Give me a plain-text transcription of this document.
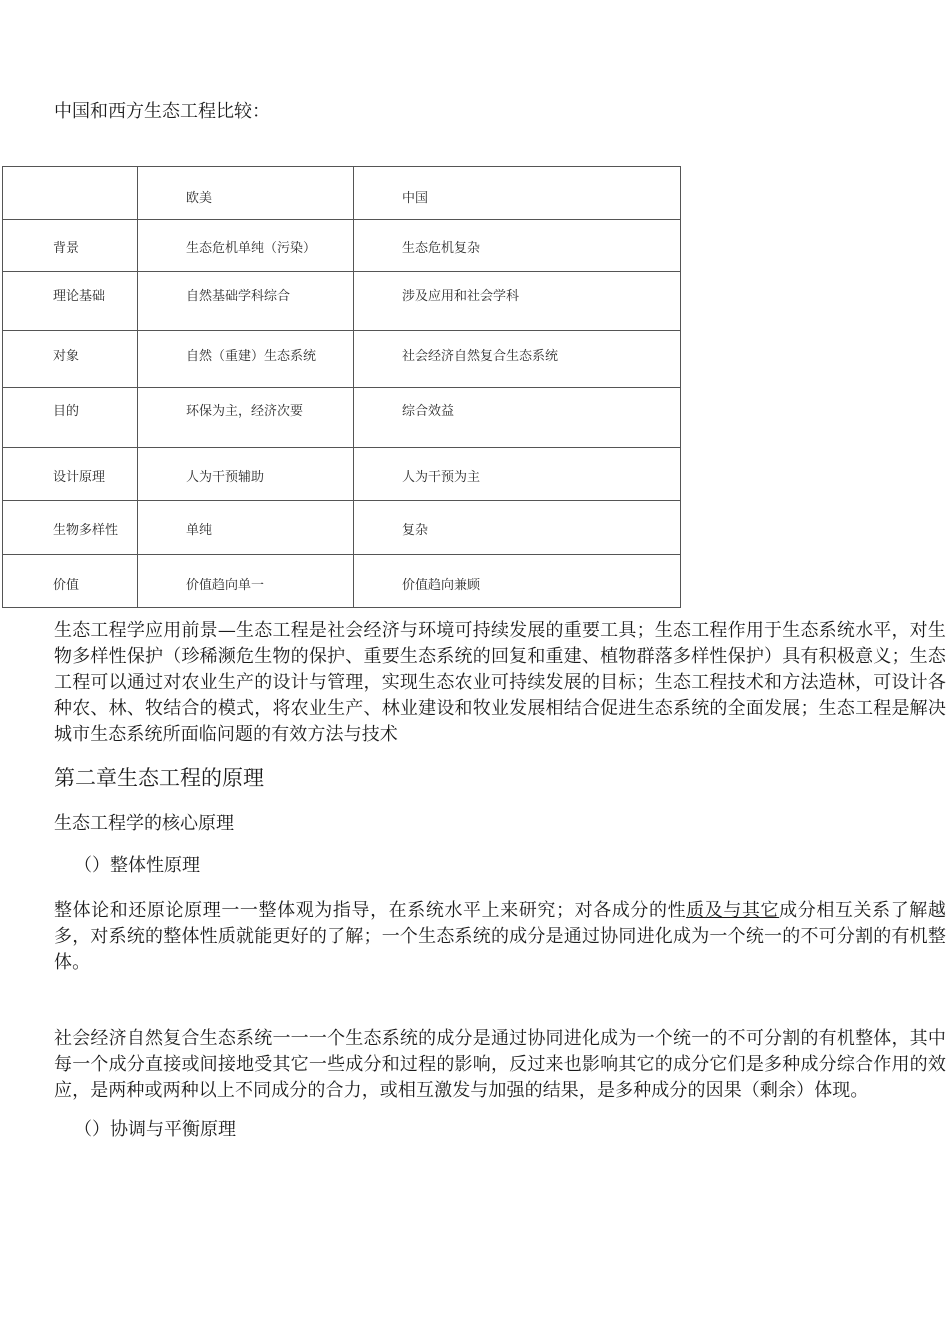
中国和西方生态工程比较：

	欧美	中国

背景	生态危机单纯（污染）	生态危机复杂

理论基础	自然基础学科综合	涉及应用和社会学科

对象	自然（重建）生态系统	社会经济自然复合生态系统

目的	环保为主，经济次要	综合效益

设计原理	人为干预辅助	人为干预为主

生物多样性	单纯	复杂

价值	价值趋向单一	价值趋向兼顾

生态工程学应用前景—生态工程是社会经济与环境可持续发展的重要工具；生态工程作用于生态系统水平，对生物多样性保护（珍稀濒危生物的保护、重要生态系统的回复和重建、植物群落多样性保护）具有积极意义；生态工程可以通过对农业生产的设计与管理，实现生态农业可持续发展的目标；生态工程技术和方法造林，可设计各种农、林、牧结合的模式，将农业生产、林业建设和牧业发展相结合促进生态系统的全面发展；生态工程是解决城市生态系统所面临问题的有效方法与技术

第二章生态工程的原理
生态工程学的核心原理
（）整体性原理

整体论和还原论原理一一整体观为指导，在系统水平上来研究；对各成分的性质及与其它成分相互关系了解越多，对系统的整体性质就能更好的了解；一个生态系统的成分是通过协同进化成为一个统一的不可分割的有机整体。

社会经济自然复合生态系统一一一个生态系统的成分是通过协同进化成为一个统一的不可分割的有机整体，其中每一个成分直接或间接地受其它一些成分和过程的影响，反过来也影响其它的成分它们是多种成分综合作用的效应，是两种或两种以上不同成分的合力，或相互激发与加强的结果，是多种成分的因果（剩余）体现。

（）协调与平衡原理
